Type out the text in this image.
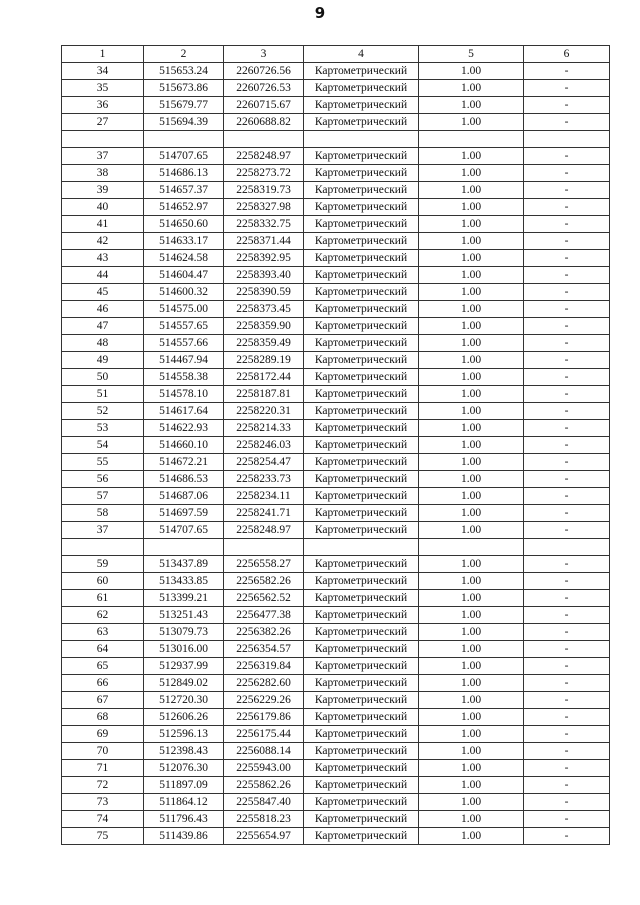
9
1	2	3	4	5	6
34	515653.24	2260726.56	Картометрический	1.00	-
35	515673.86	2260726.53	Картометрический	1.00	-
36	515679.77	2260715.67	Картометрический	1.00	-
27	515694.39	2260688.82	Картометрический	1.00	-

37	514707.65	2258248.97	Картометрический	1.00	-
38	514686.13	2258273.72	Картометрический	1.00	-
39	514657.37	2258319.73	Картометрический	1.00	-
40	514652.97	2258327.98	Картометрический	1.00	-
41	514650.60	2258332.75	Картометрический	1.00	-
42	514633.17	2258371.44	Картометрический	1.00	-
43	514624.58	2258392.95	Картометрический	1.00	-
44	514604.47	2258393.40	Картометрический	1.00	-
45	514600.32	2258390.59	Картометрический	1.00	-
46	514575.00	2258373.45	Картометрический	1.00	-
47	514557.65	2258359.90	Картометрический	1.00	-
48	514557.66	2258359.49	Картометрический	1.00	-
49	514467.94	2258289.19	Картометрический	1.00	-
50	514558.38	2258172.44	Картометрический	1.00	-
51	514578.10	2258187.81	Картометрический	1.00	-
52	514617.64	2258220.31	Картометрический	1.00	-
53	514622.93	2258214.33	Картометрический	1.00	-
54	514660.10	2258246.03	Картометрический	1.00	-
55	514672.21	2258254.47	Картометрический	1.00	-
56	514686.53	2258233.73	Картометрический	1.00	-
57	514687.06	2258234.11	Картометрический	1.00	-
58	514697.59	2258241.71	Картометрический	1.00	-
37	514707.65	2258248.97	Картометрический	1.00	-

59	513437.89	2256558.27	Картометрический	1.00	-
60	513433.85	2256582.26	Картометрический	1.00	-
61	513399.21	2256562.52	Картометрический	1.00	-
62	513251.43	2256477.38	Картометрический	1.00	-
63	513079.73	2256382.26	Картометрический	1.00	-
64	513016.00	2256354.57	Картометрический	1.00	-
65	512937.99	2256319.84	Картометрический	1.00	-
66	512849.02	2256282.60	Картометрический	1.00	-
67	512720.30	2256229.26	Картометрический	1.00	-
68	512606.26	2256179.86	Картометрический	1.00	-
69	512596.13	2256175.44	Картометрический	1.00	-
70	512398.43	2256088.14	Картометрический	1.00	-
71	512076.30	2255943.00	Картометрический	1.00	-
72	511897.09	2255862.26	Картометрический	1.00	-
73	511864.12	2255847.40	Картометрический	1.00	-
74	511796.43	2255818.23	Картометрический	1.00	-
75	511439.86	2255654.97	Картометрический	1.00	-
